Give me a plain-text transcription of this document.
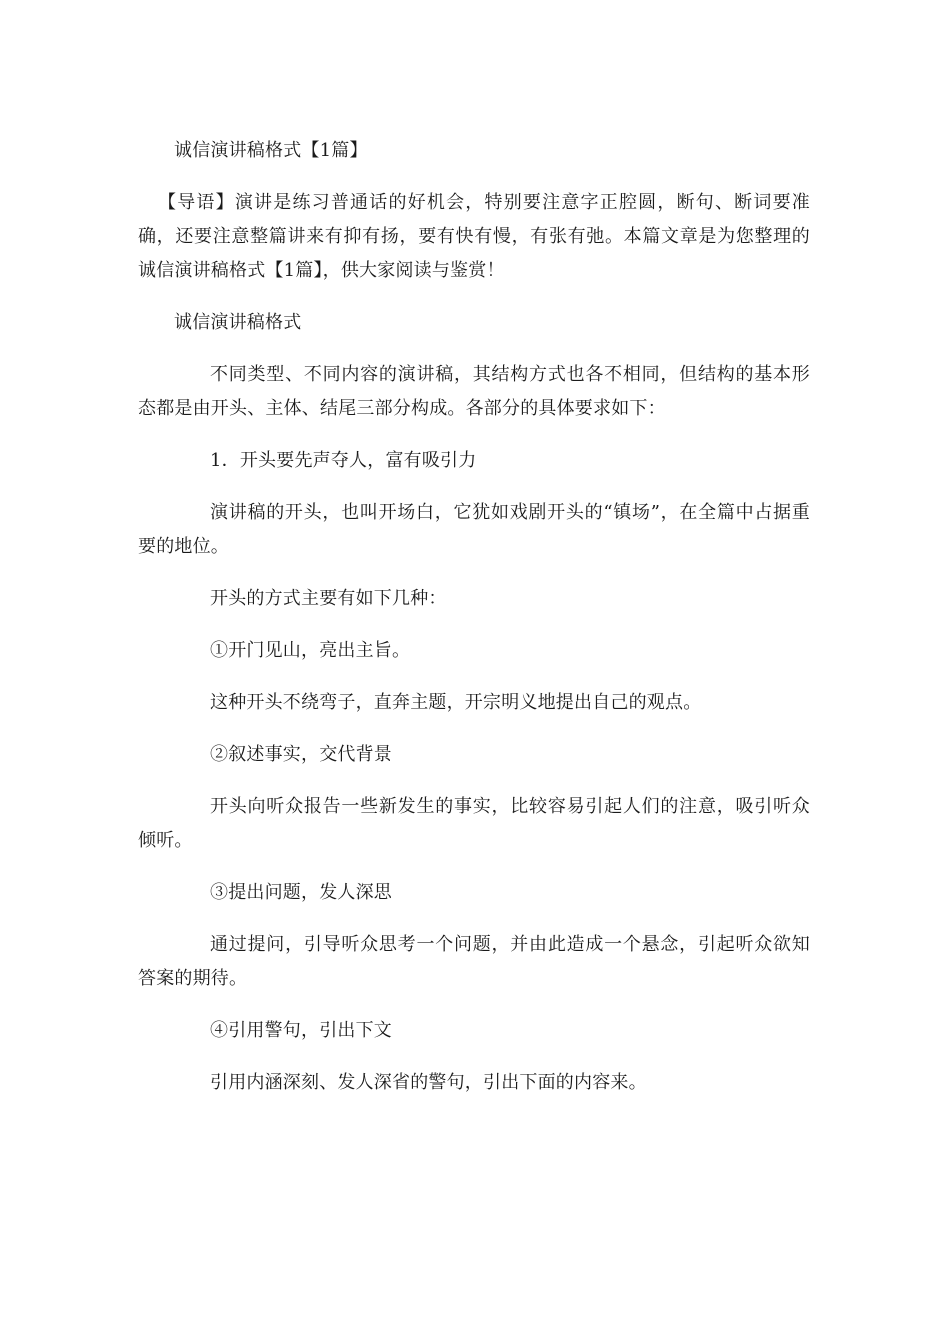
诚信演讲稿格式【1篇】

【导语】演讲是练习普通话的好机会，特别要注意字正腔圆，断句、断词要准确，还要注意整篇讲来有抑有扬，要有快有慢，有张有弛。本篇文章是为您整理的诚信演讲稿格式【1篇】，供大家阅读与鉴赏！

诚信演讲稿格式

不同类型、不同内容的演讲稿，其结构方式也各不相同，但结构的基本形态都是由开头、主体、结尾三部分构成。各部分的具体要求如下：

1．开头要先声夺人，富有吸引力

演讲稿的开头，也叫开场白，它犹如戏剧开头的“镇场”，在全篇中占据重要的地位。

开头的方式主要有如下几种：

①开门见山，亮出主旨。

这种开头不绕弯子，直奔主题，开宗明义地提出自己的观点。

②叙述事实，交代背景

开头向听众报告一些新发生的事实，比较容易引起人们的注意，吸引听众倾听。

③提出问题，发人深思

通过提问，引导听众思考一个问题，并由此造成一个悬念，引起听众欲知答案的期待。

④引用警句，引出下文

引用内涵深刻、发人深省的警句，引出下面的内容来。
